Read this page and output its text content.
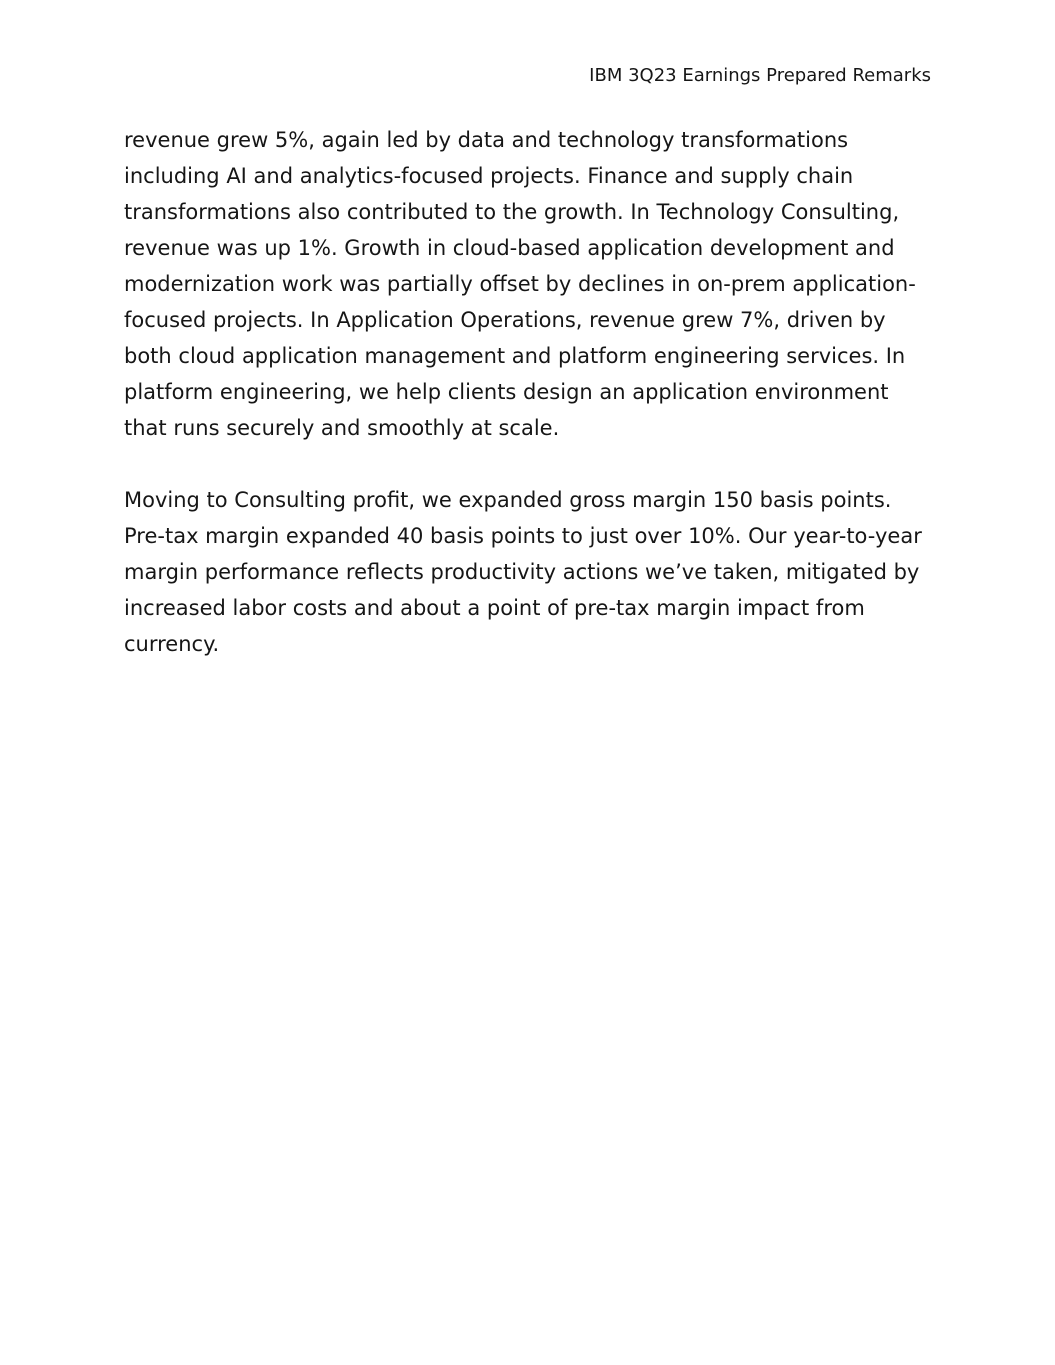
IBM 3Q23 Earnings Prepared Remarks

revenue grew 5%, again led by data and technology transformations including AI and analytics-focused projects. Finance and supply chain transformations also contributed to the growth. In Technology Consulting, revenue was up 1%. Growth in cloud-based application development and modernization work was partially offset by declines in on-prem application-focused projects. In Application Operations, revenue grew 7%, driven by both cloud application management and platform engineering services. In platform engineering, we help clients design an application environment that runs securely and smoothly at scale.

Moving to Consulting profit, we expanded gross margin 150 basis points. Pre-tax margin expanded 40 basis points to just over 10%. Our year-to-year margin performance reflects productivity actions we’ve taken, mitigated by increased labor costs and about a point of pre-tax margin impact from currency.
